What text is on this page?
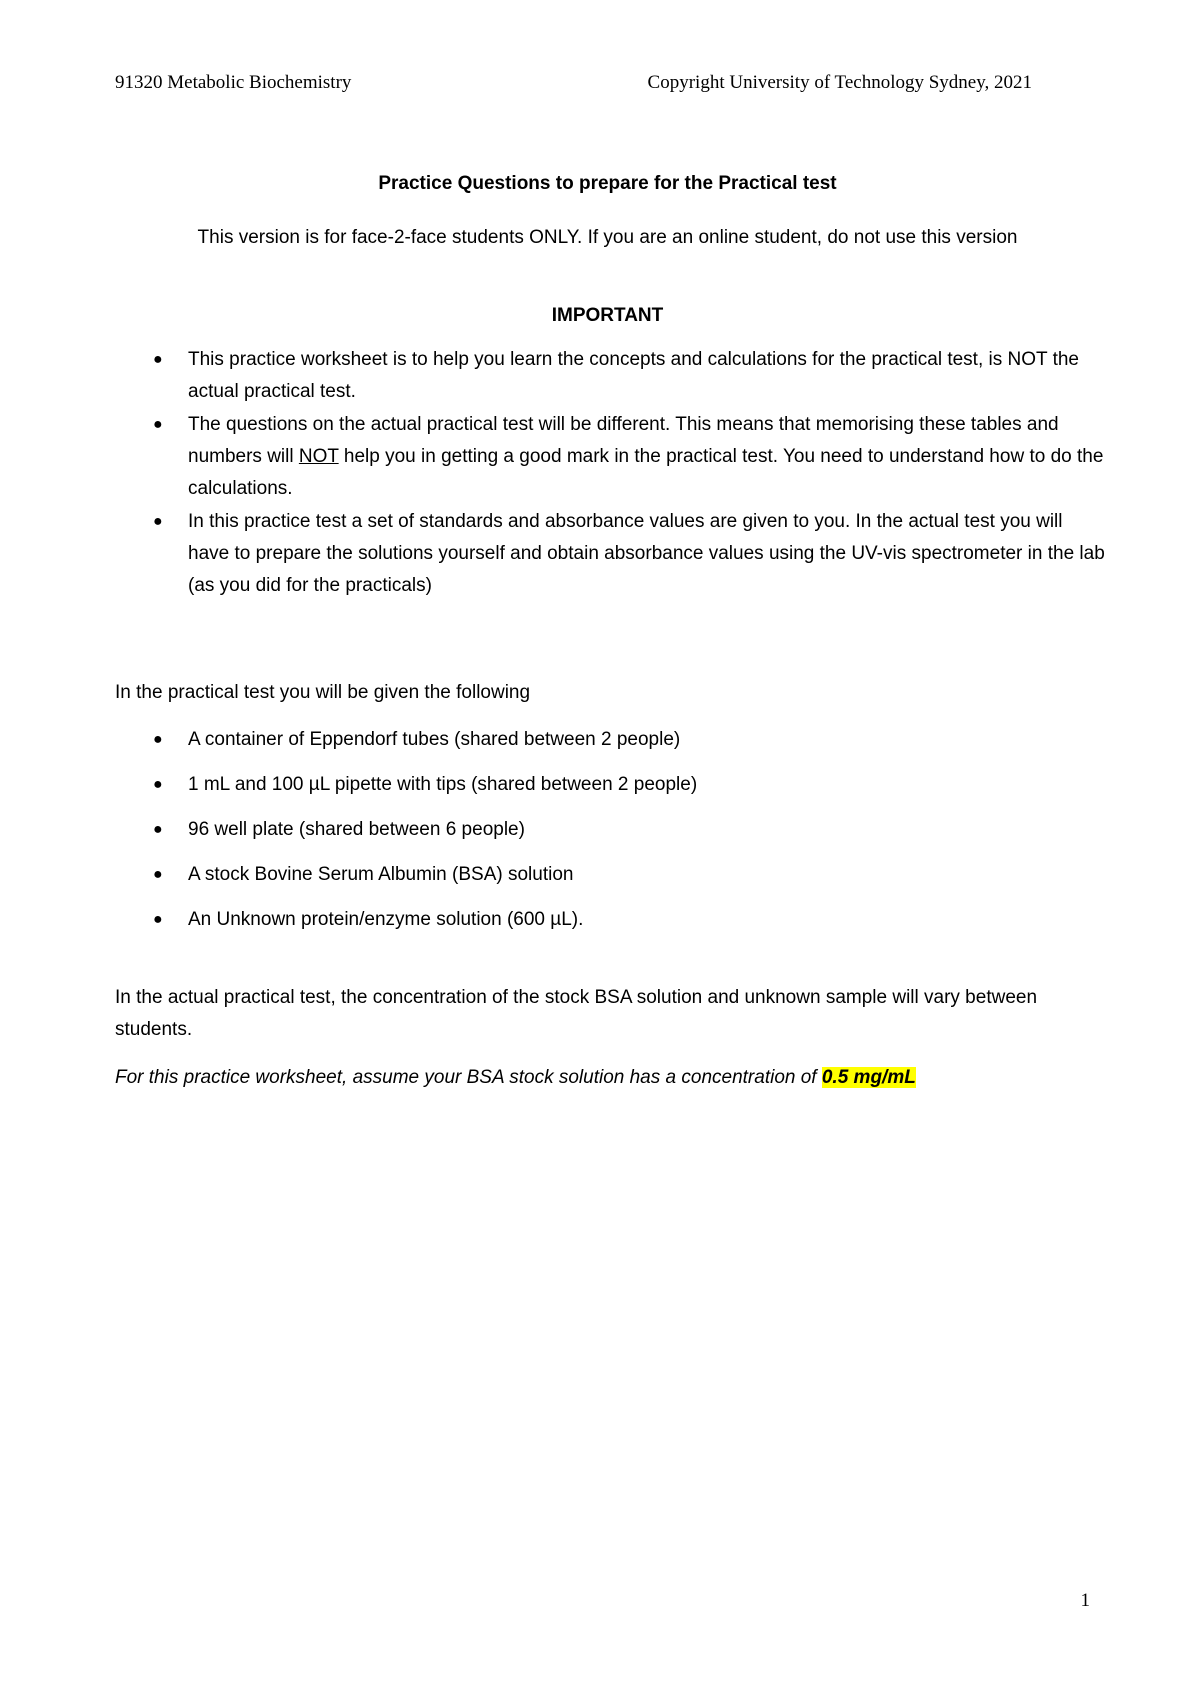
91320 Metabolic Biochemistry	Copyright University of Technology Sydney, 2021
Practice Questions to prepare for the Practical test
This version is for face-2-face students ONLY. If you are an online student, do not use this version
IMPORTANT
● This practice worksheet is to help you learn the concepts and calculations for the practical test, is NOT the actual practical test.
● The questions on the actual practical test will be different. This means that memorising these tables and numbers will NOT help you in getting a good mark in the practical test. You need to understand how to do the calculations.
● In this practice test a set of standards and absorbance values are given to you. In the actual test you will have to prepare the solutions yourself and obtain absorbance values using the UV-vis spectrometer in the lab (as you did for the practicals)
In the practical test you will be given the following
● A container of Eppendorf tubes (shared between 2 people)
● 1 mL and 100 µL pipette with tips (shared between 2 people)
● 96 well plate (shared between 6 people)
● A stock Bovine Serum Albumin (BSA) solution
● An Unknown protein/enzyme solution (600 µL).
In the actual practical test, the concentration of the stock BSA solution and unknown sample will vary between students.
For this practice worksheet, assume your BSA stock solution has a concentration of 0.5 mg/mL
1
